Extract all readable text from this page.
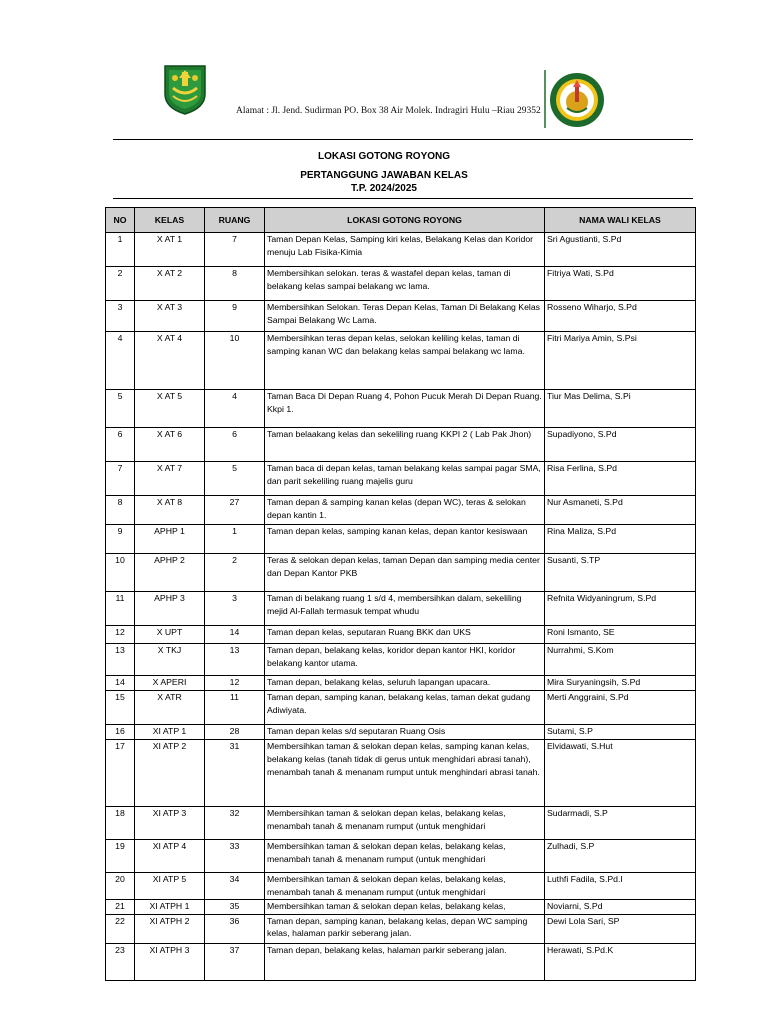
Alamat : Jl. Jend. Sudirman PO. Box 38 Air Molek. Indragiri Hulu –Riau 29352
LOKASI GOTONG ROYONG
PERTANGGUNG JAWABAN KELAS
T.P. 2024/2025
NO	KELAS	RUANG	LOKASI GOTONG ROYONG	NAMA WALI KELAS
1	X AT 1	7	Taman Depan Kelas, Samping kiri kelas, Belakang Kelas dan Koridor menuju Lab Fisika-Kimia	Sri Agustianti, S.Pd
2	X AT 2	8	Membersihkan selokan. teras & wastafel depan kelas, taman di belakang kelas sampai belakang wc lama.	Fitriya Wati, S.Pd
3	X AT 3	9	Membersihkan Selokan. Teras Depan Kelas, Taman Di Belakang Kelas Sampai Belakang Wc Lama.	Rosseno Wiharjo, S.Pd
4	X AT 4	10	Membersihkan teras depan kelas, selokan keliling kelas, taman di samping kanan WC dan belakang kelas sampai belakang wc lama.	Fitri Mariya Amin, S.Psi
5	X AT 5	4	Taman Baca Di Depan Ruang 4, Pohon Pucuk Merah Di Depan Ruang. Kkpi 1.	Tiur Mas Delima, S.Pi
6	X AT 6	6	Taman belaakang kelas dan sekeliling ruang KKPI 2 ( Lab Pak Jhon)	Supadiyono, S.Pd
7	X AT 7	5	Taman baca di depan kelas, taman belakang kelas sampai pagar SMA, dan parit sekeliling ruang majelis guru	Risa Ferlina, S.Pd
8	X AT 8	27	Taman depan & samping kanan kelas (depan WC), teras & selokan depan kantin 1.	Nur Asmaneti, S.Pd
9	APHP 1	1	Taman depan kelas, samping kanan kelas, depan kantor kesiswaan	Rina Maliza, S.Pd
10	APHP 2	2	Teras & selokan depan kelas, taman Depan dan samping media center dan Depan Kantor PKB	Susanti, S.TP
11	APHP 3	3	Taman di belakang ruang 1 s/d 4, membersihkan dalam, sekeliling mejid Al-Fallah termasuk tempat whudu	Refnita Widyaningrum, S.Pd
12	X UPT	14	Taman depan kelas, seputaran Ruang BKK dan UKS	Roni Ismanto, SE
13	X TKJ	13	Taman depan, belakang kelas, koridor depan kantor HKI, koridor belakang kantor utama.	Nurrahmi, S.Kom
14	X APERI	12	Taman depan, belakang kelas, seluruh lapangan upacara.	Mira Suryaningsih, S.Pd
15	X ATR	11	Taman depan, samping kanan, belakang kelas, taman dekat gudang Adiwiyata.	Merti Anggraini, S.Pd
16	XI ATP 1	28	Taman depan kelas s/d seputaran Ruang Osis	Sutami, S.P
17	XI ATP 2	31	Membersihkan taman & selokan depan kelas, samping kanan kelas, belakang kelas (tanah tidak di gerus untuk menghidari abrasi tanah), menambah tanah & menanam rumput untuk menghindari abrasi tanah.	Elvidawati, S.Hut
18	XI ATP 3	32	Membersihkan taman & selokan depan kelas, belakang kelas, menambah tanah & menanam rumput (untuk menghidari	Sudarmadi, S.P
19	XI ATP 4	33	Membersihkan taman & selokan depan kelas, belakang kelas, menambah tanah & menanam rumput (untuk menghidari	Zulhadi, S.P
20	XI ATP 5	34	Membersihkan taman & selokan depan kelas, belakang kelas, menambah tanah & menanam rumput (untuk menghidari	Luthfi Fadila, S.Pd.I
21	XI ATPH 1	35	Membersihkan taman & selokan depan kelas, belakang kelas,	Noviarni, S.Pd
22	XI ATPH 2	36	Taman depan, samping kanan, belakang kelas, depan WC samping kelas, halaman parkir seberang jalan.	Dewi Lola Sari, SP
23	XI ATPH 3	37	Taman depan, belakang kelas, halaman parkir seberang jalan.	Herawati, S.Pd.K
